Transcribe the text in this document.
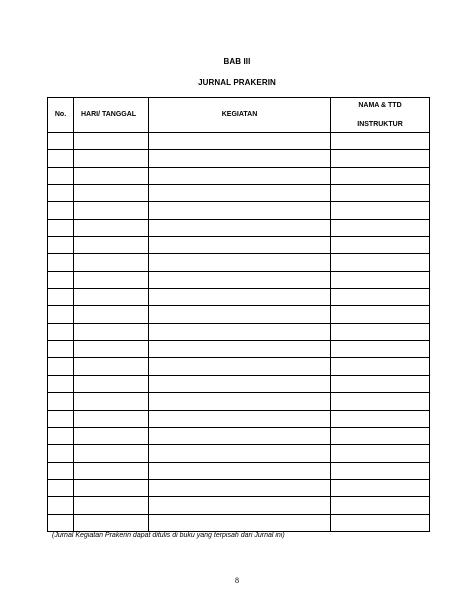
BAB III
JURNAL PRAKERIN
No.	HARI/ TANGGAL	KEGIATAN	NAMA & TTD
INSTRUKTUR

(Jurnal Kegiatan Prakerin dapat ditulis di buku yang terpisah dari Jurnal ini)
8
